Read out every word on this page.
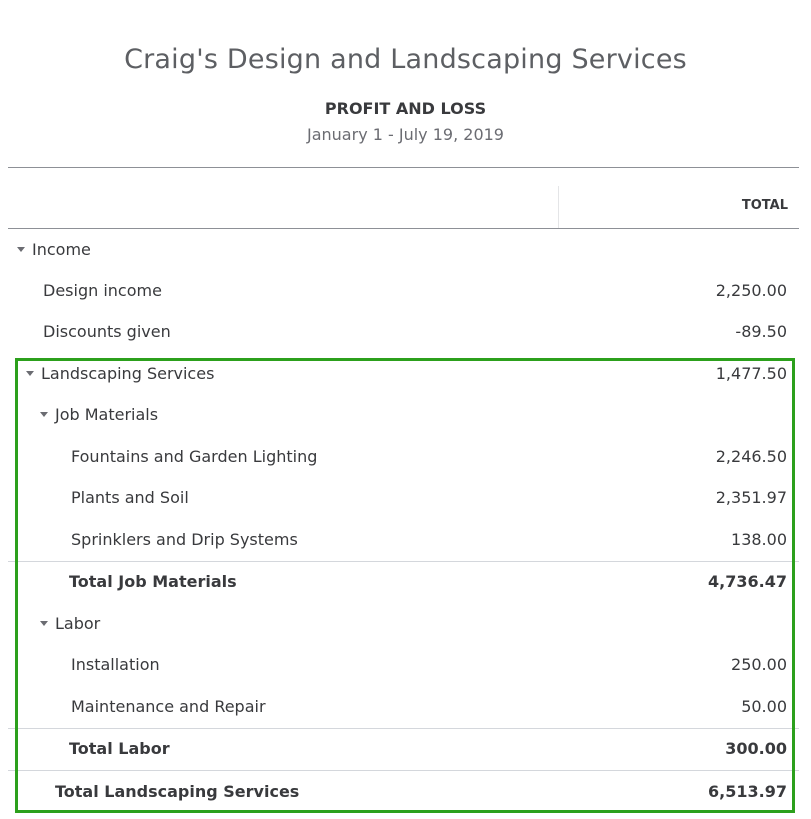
Craig's Design and Landscaping Services
PROFIT AND LOSS
January 1 - July 19, 2019
TOTAL
Income
Design income	2,250.00
Discounts given	-89.50
Landscaping Services	1,477.50
Job Materials
Fountains and Garden Lighting	2,246.50
Plants and Soil	2,351.97
Sprinklers and Drip Systems	138.00
Total Job Materials	4,736.47
Labor
Installation	250.00
Maintenance and Repair	50.00
Total Labor	300.00
Total Landscaping Services	6,513.97
